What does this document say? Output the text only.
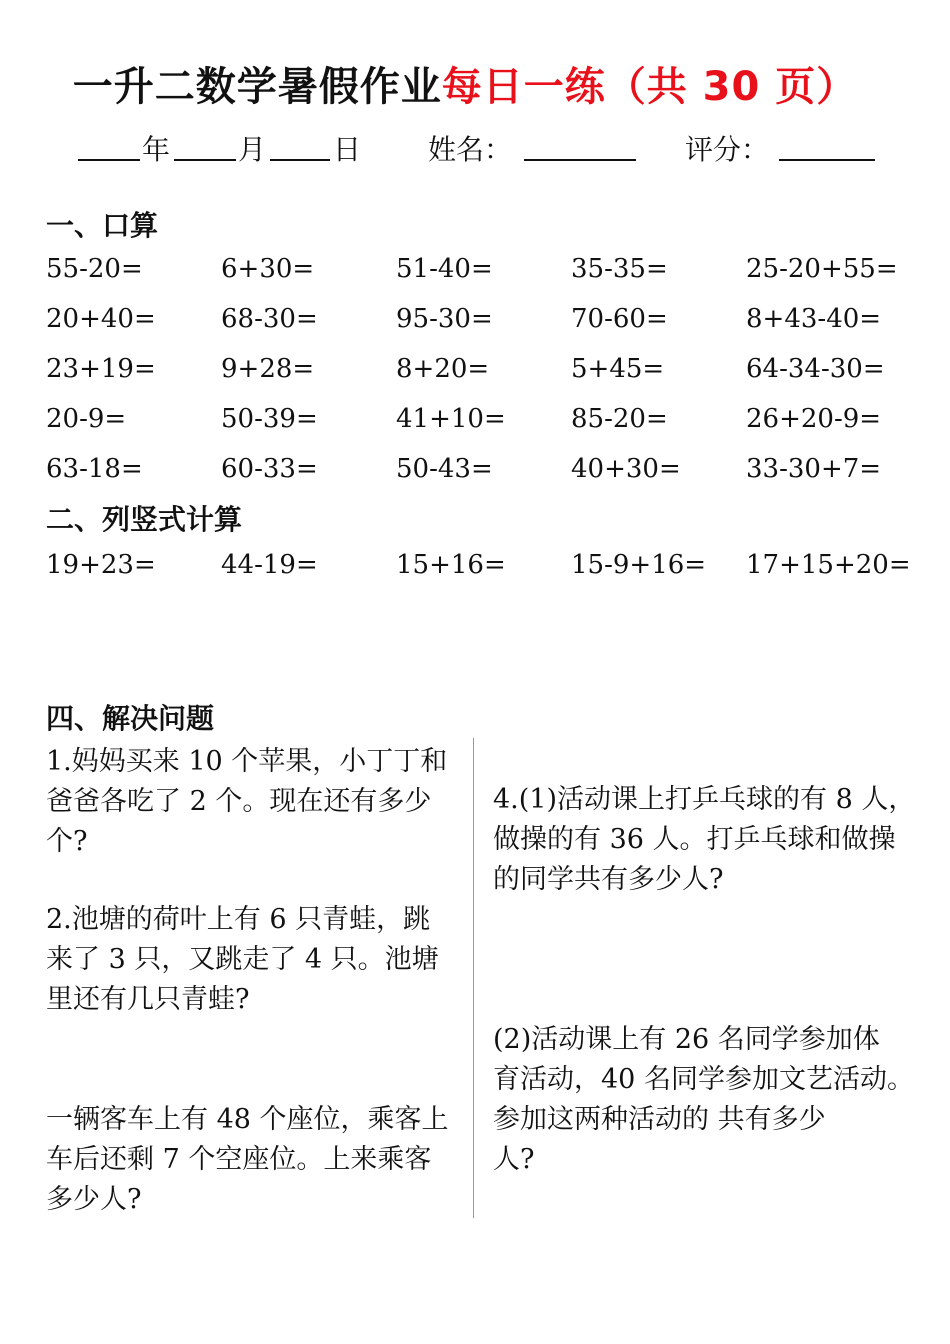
一升二数学暑假作业每日一练（共 30 页）
年 月 日 姓名：	评分：
一、口算
55-20=	6+30=	51-40=	35-35=	25-20+55=
20+40=	68-30=	95-30=	70-60=	8+43-40=
23+19=	9+28=	8+20=	5+45=	64-34-30=
20-9=	50-39=	41+10=	85-20=	26+20-9=
63-18=	60-33=	50-43=	40+30=	33-30+7=
二、列竖式计算
19+23=	44-19=	15+16=	15-9+16= 17+15+20=
四、解决问题
1.妈妈买来 10 个苹果，小丁丁和
爸爸各吃了 2 个。现在还有多少
个?
2.池塘的荷叶上有 6 只青蛙，跳
来了 3 只，又跳走了 4 只。池塘
里还有几只青蛙?
一辆客车上有 48 个座位，乘客上
车后还剩 7 个空座位。上来乘客
多少人?
4.(1)活动课上打乒乓球的有 8 人，
做操的有 36 人。打乒乓球和做操
的同学共有多少人?
(2)活动课上有 26 名同学参加体
育活动，40 名同学参加文艺活动。
参加这两种活动的 共有多少
人?
